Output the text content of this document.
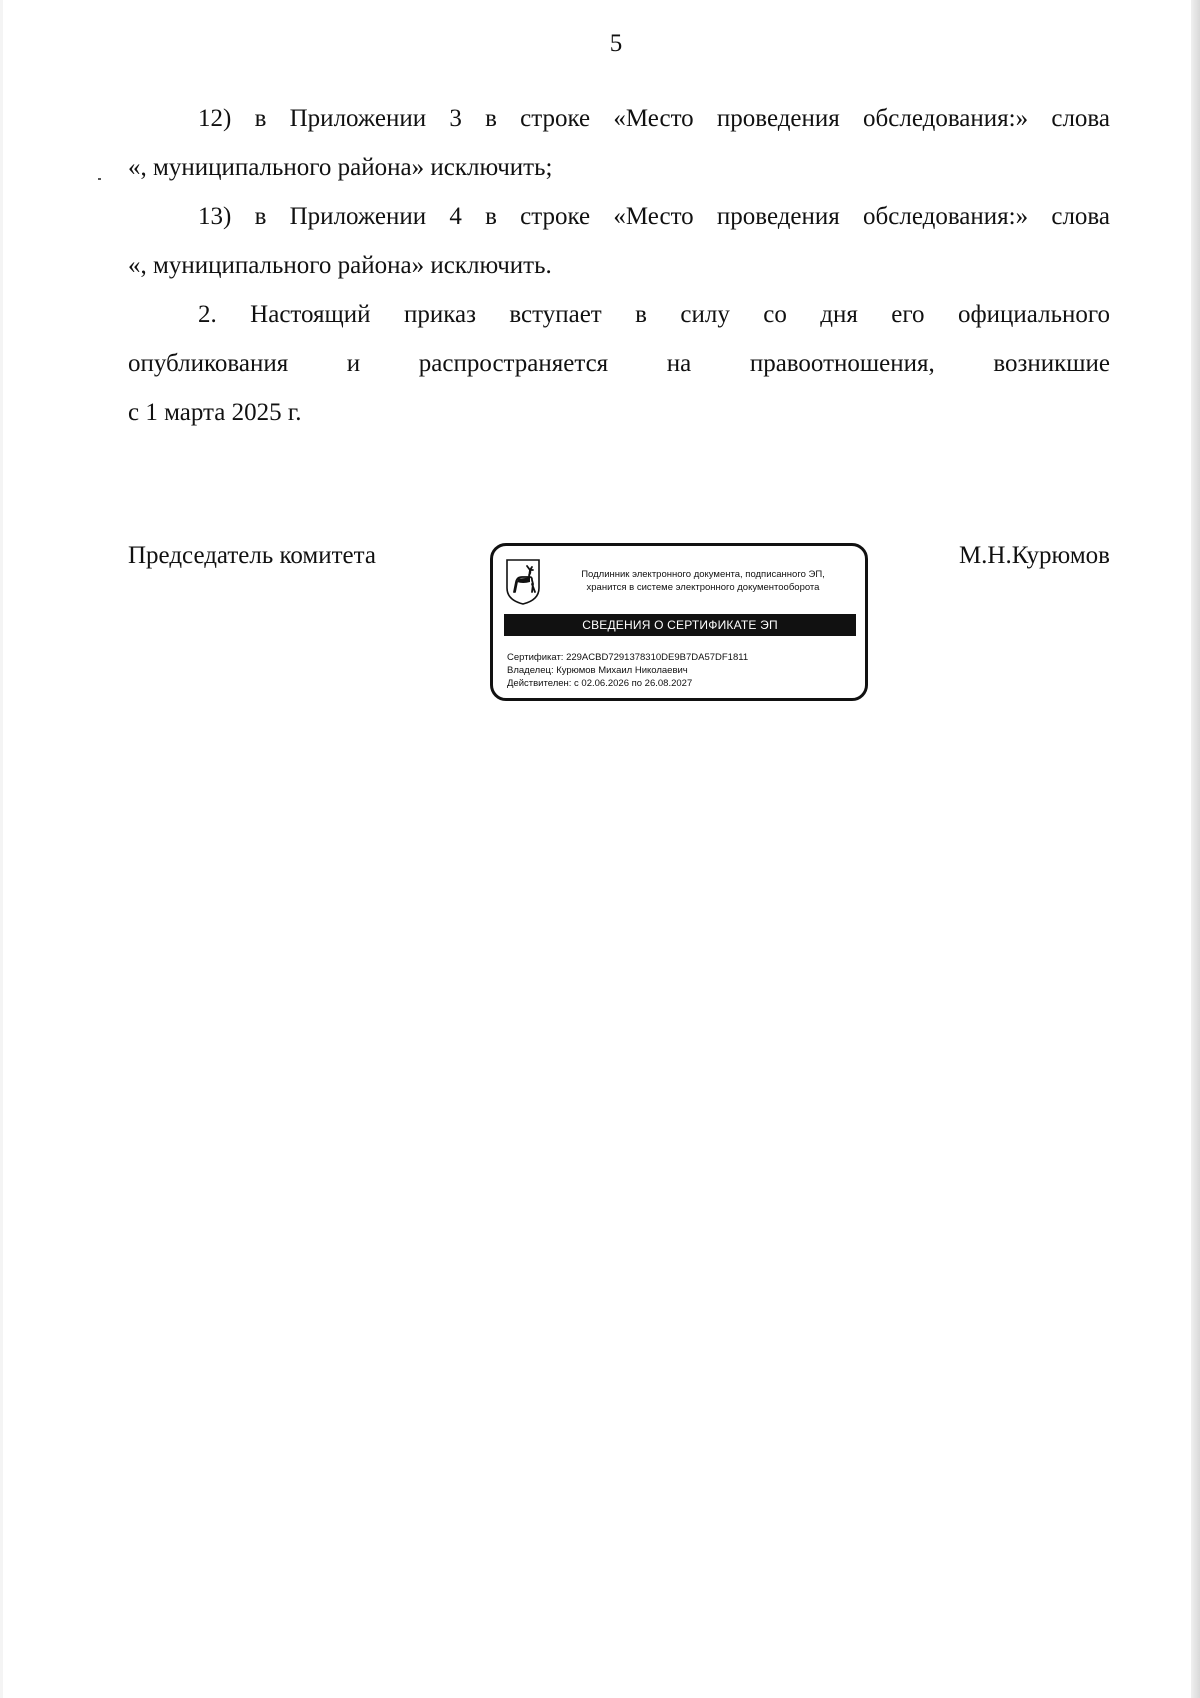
5
12) в Приложении 3 в строке «Место проведения обследования:» слова
«, муниципального района» исключить;
13) в Приложении 4 в строке «Место проведения обследования:» слова
«, муниципального района» исключить.
2. Настоящий приказ вступает в силу со дня его официального
опубликования и распространяется на правоотношения, возникшие
с 1 марта 2025 г.
Председатель комитета
Подлинник электронного документа, подписанного ЭП,
хранится в системе электронного документооборота
СВЕДЕНИЯ О СЕРТИФИКАТЕ ЭП
Сертификат: 229ACBD7291378310DE9B7DA57DF1811
Владелец: Курюмов Михаил Николаевич
Действителен: с 02.06.2026 по 26.08.2027
М.Н.Курюмов
